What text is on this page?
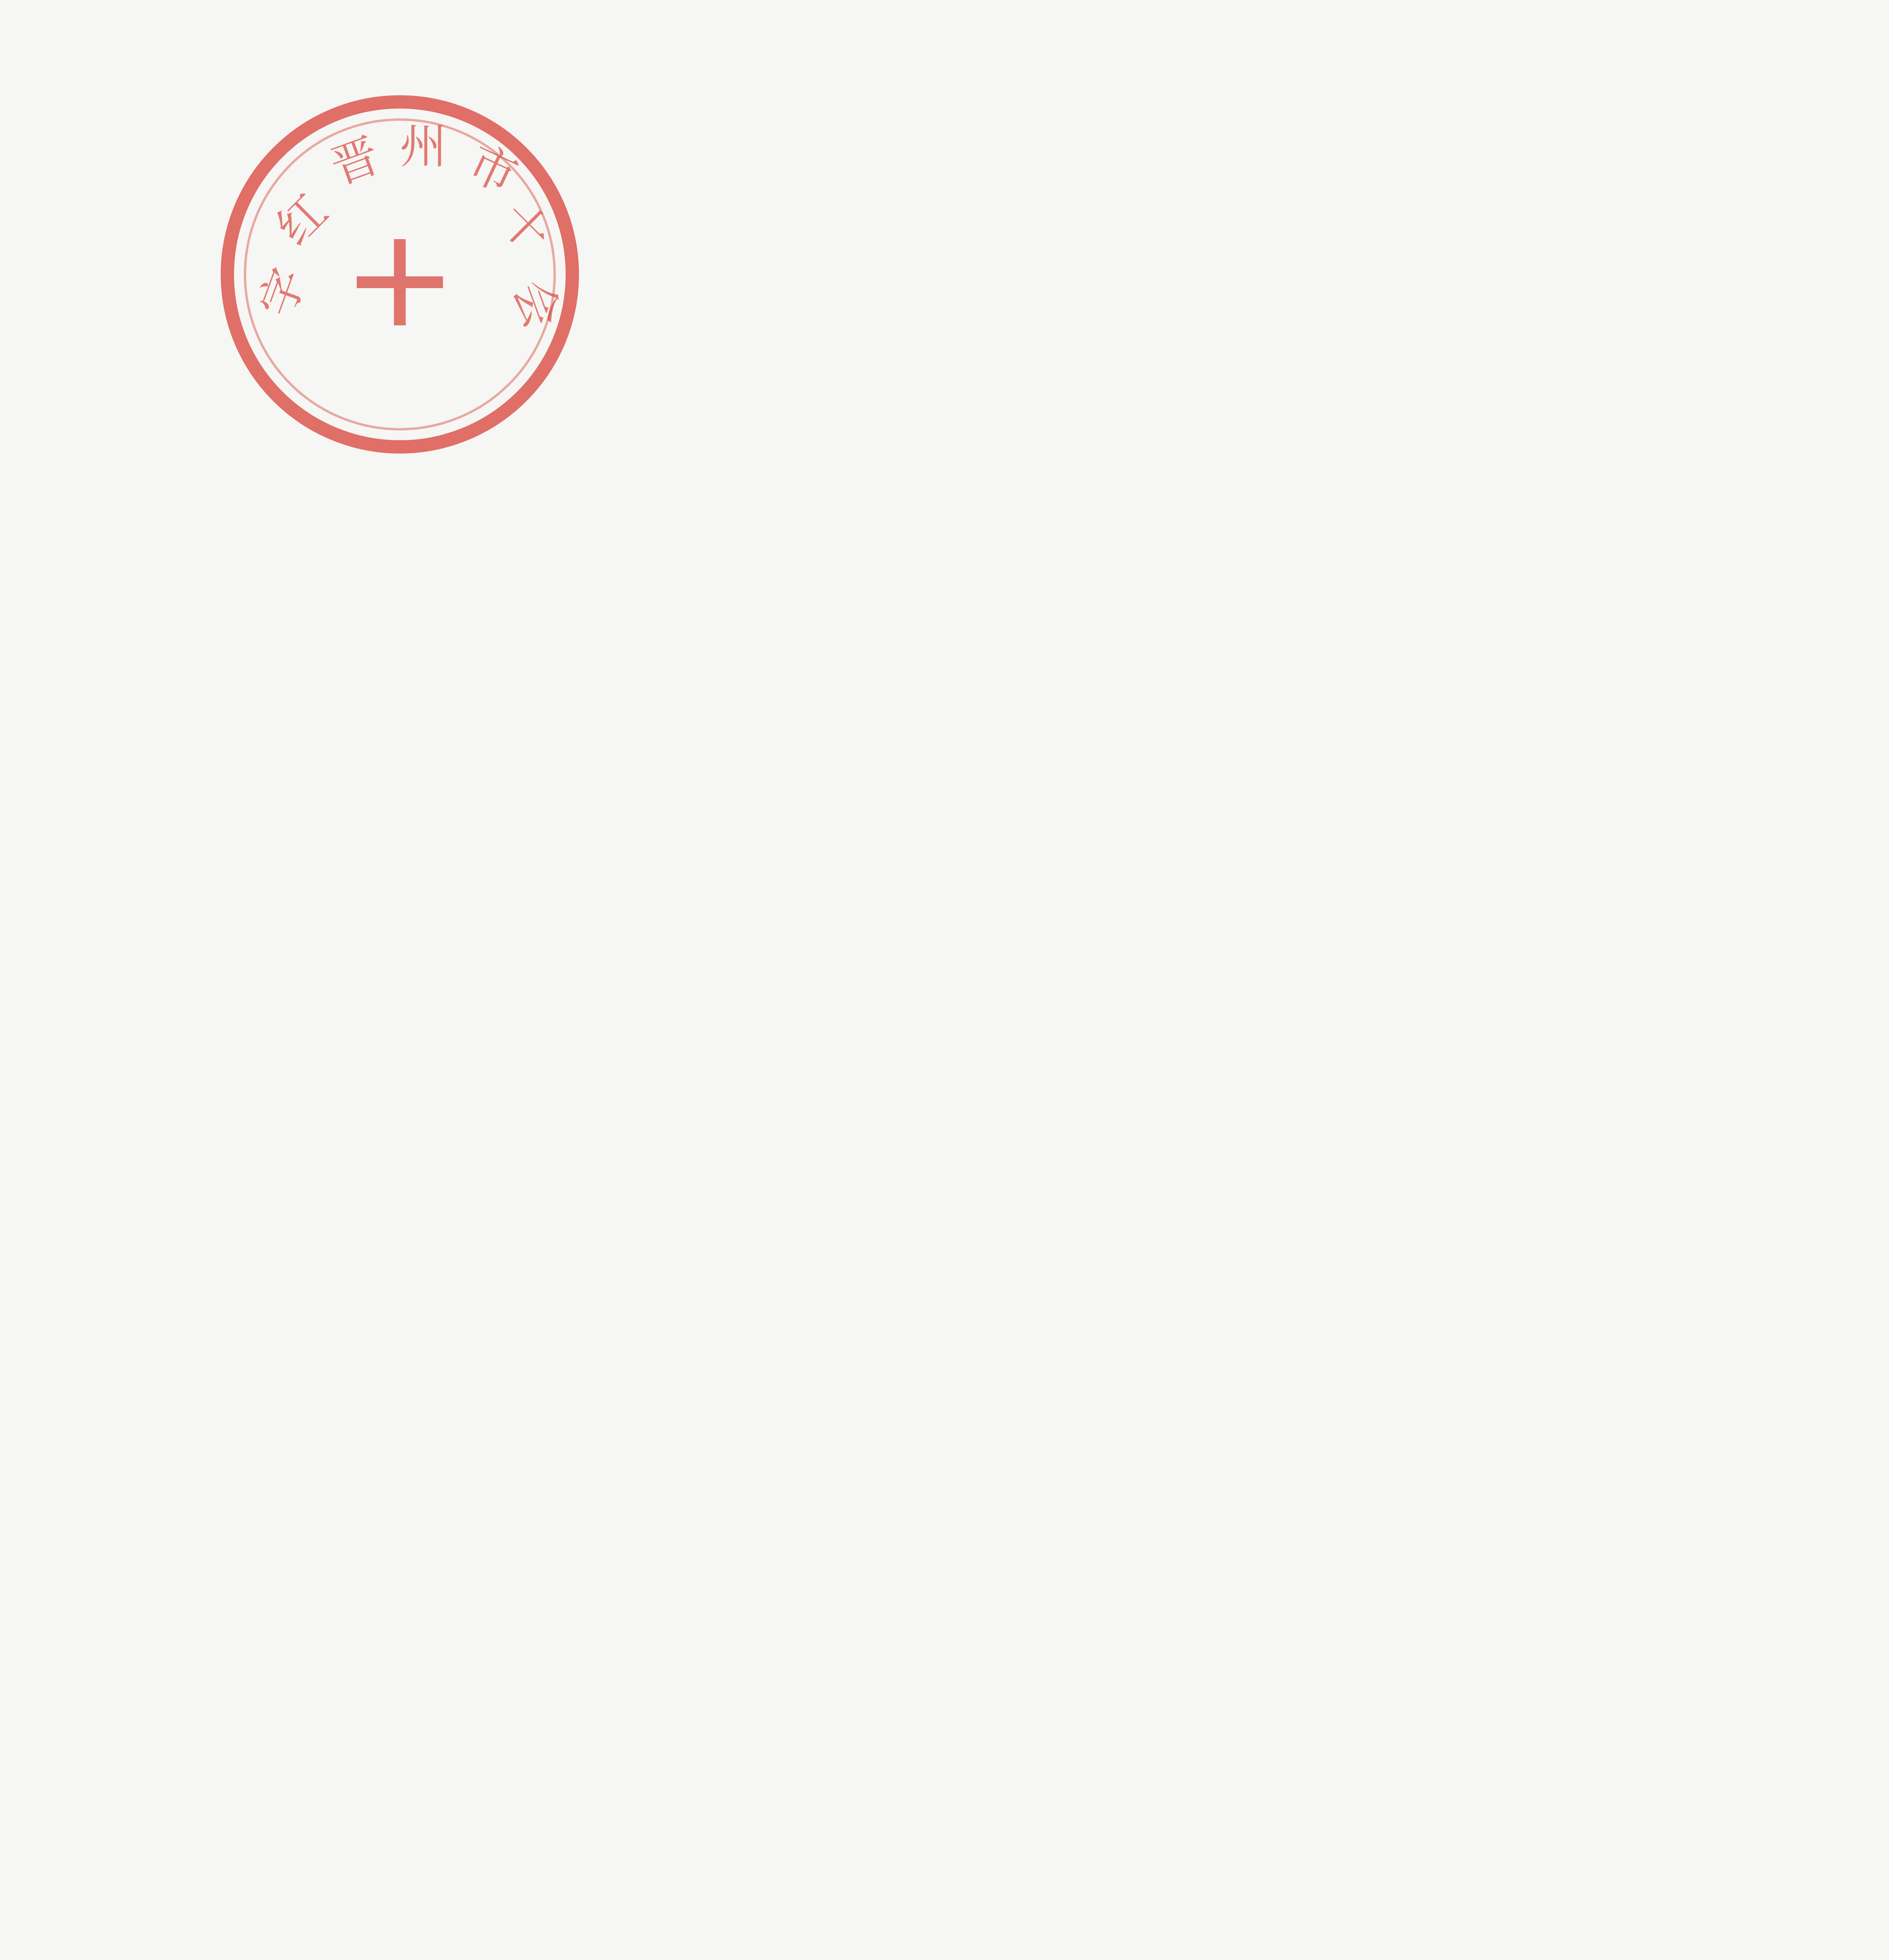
晋 州 市
红	十
字	会
